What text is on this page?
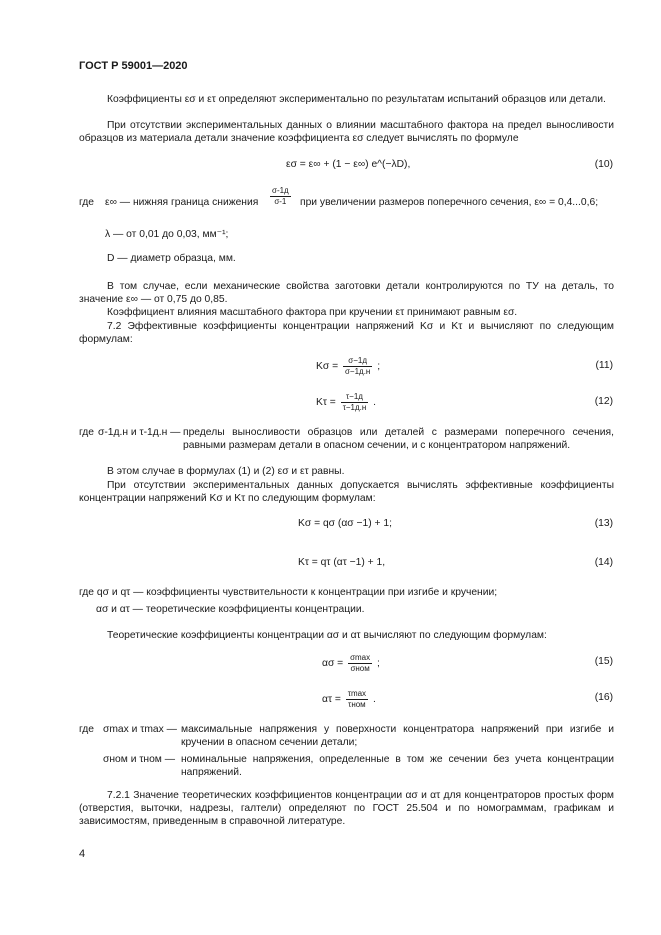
ГОСТ Р 59001—2020

Коэффициенты εσ и ετ определяют экспериментально по результатам испытаний образцов или детали.

При отсутствии экспериментальных данных о влиянии масштабного фактора на предел выносливости образцов из материала детали значение коэффициента εσ следует вычислять по формуле

εσ = ε∞ + (1 − ε∞) e^(−λD),	(10)
где ε∞ — нижняя граница снижения $\frac{\sigma-1д}{\sigma-1}$ при увеличении размеров поперечного сечения, ε∞ = 0,4...0,6;
λ — от 0,01 до 0,03, мм⁻¹;
D — диаметр образца, мм.

В том случае, если механические свойства заготовки детали контролируются по ТУ на деталь, то значение ε∞ — от 0,75 до 0,85.

Коэффициент влияния масштабного фактора при кручении ετ принимают равным εσ.

7.2 Эффективные коэффициенты концентрации напряжений Kσ и Kτ и вычисляют по следующим формулам:

$K\sigma = \frac{\sigma-1д}{\sigma-1д.н}$ ;	(11)
$K\tau = \frac{\tau-1д}{\tau-1д.н}$ .	(12)
где σ-1д.н и τ-1д.н — пределы выносливости образцов или деталей с размерами поперечного сечения, равными размерам детали в опасном сечении, и с концентратором напряжений.

В этом случае в формулах (1) и (2) εσ и ετ равны.

При отсутствии экспериментальных данных допускается вычислять эффективные коэффициенты концентрации напряжений Kσ и Kτ по следующим формулам:

Kσ = qσ (ασ −1) + 1;	(13)
Kτ = qτ (ατ −1) + 1,	(14)
где qσ и qτ — коэффициенты чувствительности к концентрации при изгибе и кручении;
ασ и ατ — теоретические коэффициенты концентрации.
Теоретические коэффициенты концентрации ασ и ατ вычисляют по следующим формулам:
$\alpha\sigma = \frac{\sigma\max}{\text{σном}}$ ;	(15)
$\alpha\tau = \frac{\tau\max}{\text{τном}}$ .	(16)
где σmax и τmax — максимальные напряжения у поверхности концентратора напряжений при изгибе и кручении в опасном сечении детали;

σном и τном — номинальные напряжения, определенные в том же сечении без учета концентрации напряжений.

7.2.1 Значение теоретических коэффициентов концентрации ασ и ατ для концентраторов простых форм (отверстия, выточки, надрезы, галтели) определяют по ГОСТ 25.504 и по номограммам, графикам и зависимостям, приведенным в справочной литературе.

4
